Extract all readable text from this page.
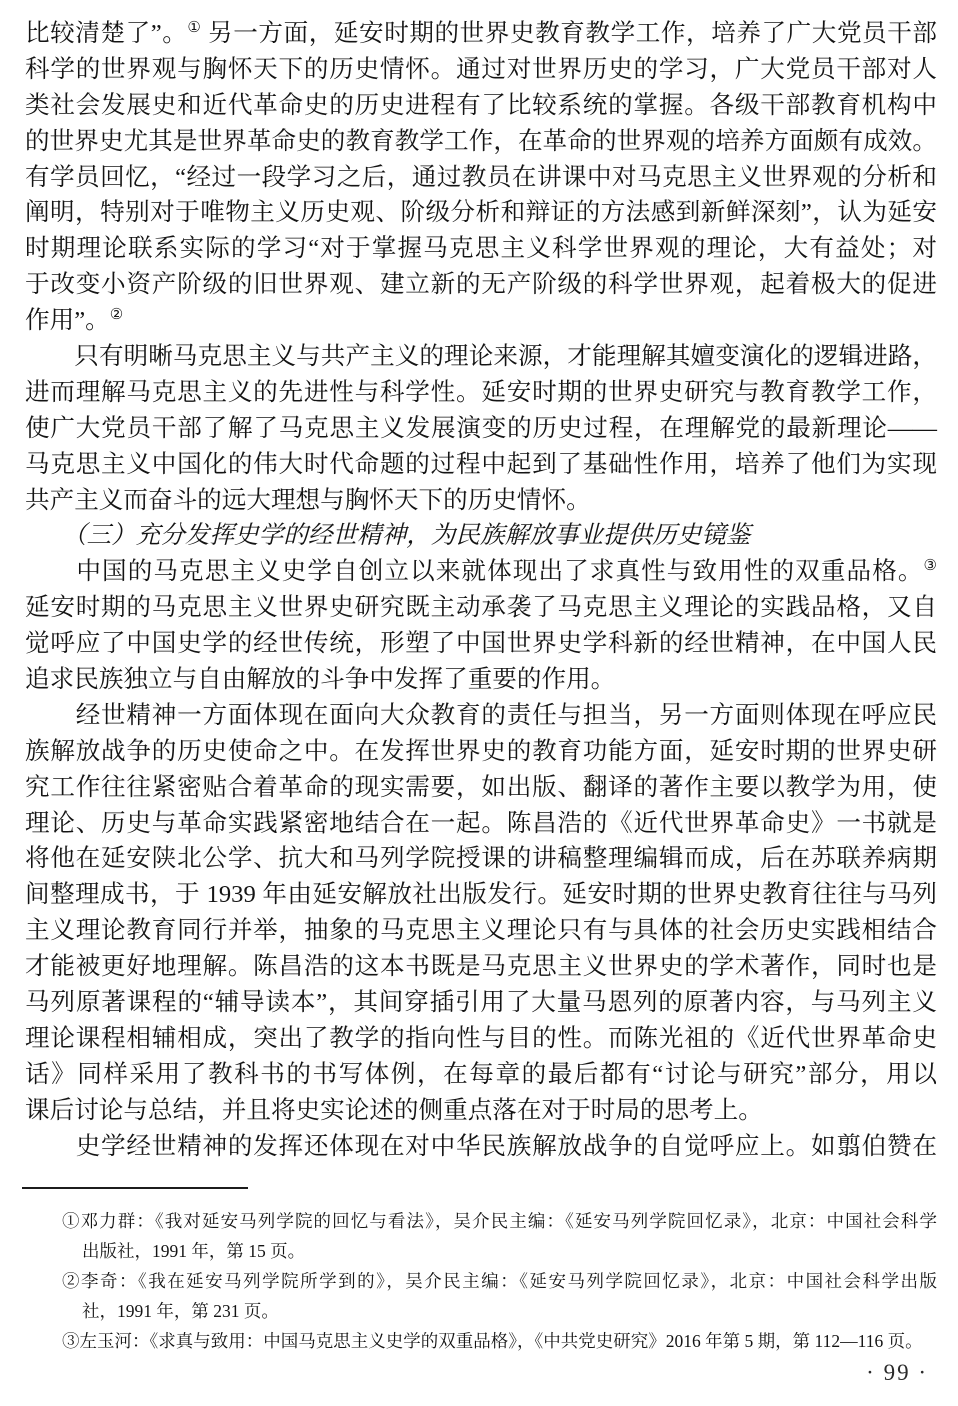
比较清楚了”。① 另一方面，延安时期的世界史教育教学工作，培养了广大党员干部
科学的世界观与胸怀天下的历史情怀。通过对世界历史的学习，广大党员干部对人
类社会发展史和近代革命史的历史进程有了比较系统的掌握。各级干部教育机构中
的世界史尤其是世界革命史的教育教学工作，在革命的世界观的培养方面颇有成效。
有学员回忆，“经过一段学习之后，通过教员在讲课中对马克思主义世界观的分析和
阐明，特别对于唯物主义历史观、阶级分析和辩证的方法感到新鲜深刻”，认为延安
时期理论联系实际的学习“对于掌握马克思主义科学世界观的理论，大有益处；对
于改变小资产阶级的旧世界观、建立新的无产阶级的科学世界观，起着极大的促进
作用”。②
　　只有明晰马克思主义与共产主义的理论来源，才能理解其嬗变演化的逻辑进路，
进而理解马克思主义的先进性与科学性。延安时期的世界史研究与教育教学工作，
使广大党员干部了解了马克思主义发展演变的历史过程，在理解党的最新理论——
马克思主义中国化的伟大时代命题的过程中起到了基础性作用，培养了他们为实现
共产主义而奋斗的远大理想与胸怀天下的历史情怀。
　　（三）充分发挥史学的经世精神，为民族解放事业提供历史镜鉴
　　中国的马克思主义史学自创立以来就体现出了求真性与致用性的双重品格。③
延安时期的马克思主义世界史研究既主动承袭了马克思主义理论的实践品格，又自
觉呼应了中国史学的经世传统，形塑了中国世界史学科新的经世精神，在中国人民
追求民族独立与自由解放的斗争中发挥了重要的作用。
　　经世精神一方面体现在面向大众教育的责任与担当，另一方面则体现在呼应民
族解放战争的历史使命之中。在发挥世界史的教育功能方面，延安时期的世界史研
究工作往往紧密贴合着革命的现实需要，如出版、翻译的著作主要以教学为用，使
理论、历史与革命实践紧密地结合在一起。陈昌浩的《近代世界革命史》一书就是
将他在延安陕北公学、抗大和马列学院授课的讲稿整理编辑而成，后在苏联养病期
间整理成书，于 1939 年由延安解放社出版发行。延安时期的世界史教育往往与马列
主义理论教育同行并举，抽象的马克思主义理论只有与具体的社会历史实践相结合
才能被更好地理解。陈昌浩的这本书既是马克思主义世界史的学术著作，同时也是
马列原著课程的“辅导读本”，其间穿插引用了大量马恩列的原著内容，与马列主义
理论课程相辅相成，突出了教学的指向性与目的性。而陈光祖的《近代世界革命史
话》同样采用了教科书的书写体例，在每章的最后都有“讨论与研究”部分，用以
课后讨论与总结，并且将史实论述的侧重点落在对于时局的思考上。
　　史学经世精神的发挥还体现在对中华民族解放战争的自觉呼应上。如翦伯赞在
①邓力群：《我对延安马列学院的回忆与看法》，吴介民主编：《延安马列学院回忆录》，北京：中国社会科学
出版社，1991 年，第 15 页。
②李奇：《我在延安马列学院所学到的》，吴介民主编：《延安马列学院回忆录》，北京：中国社会科学出版
社，1991 年，第 231 页。
③左玉河：《求真与致用：中国马克思主义史学的双重品格》，《中共党史研究》2016 年第 5 期，第 112—116 页。
· 99 ·
